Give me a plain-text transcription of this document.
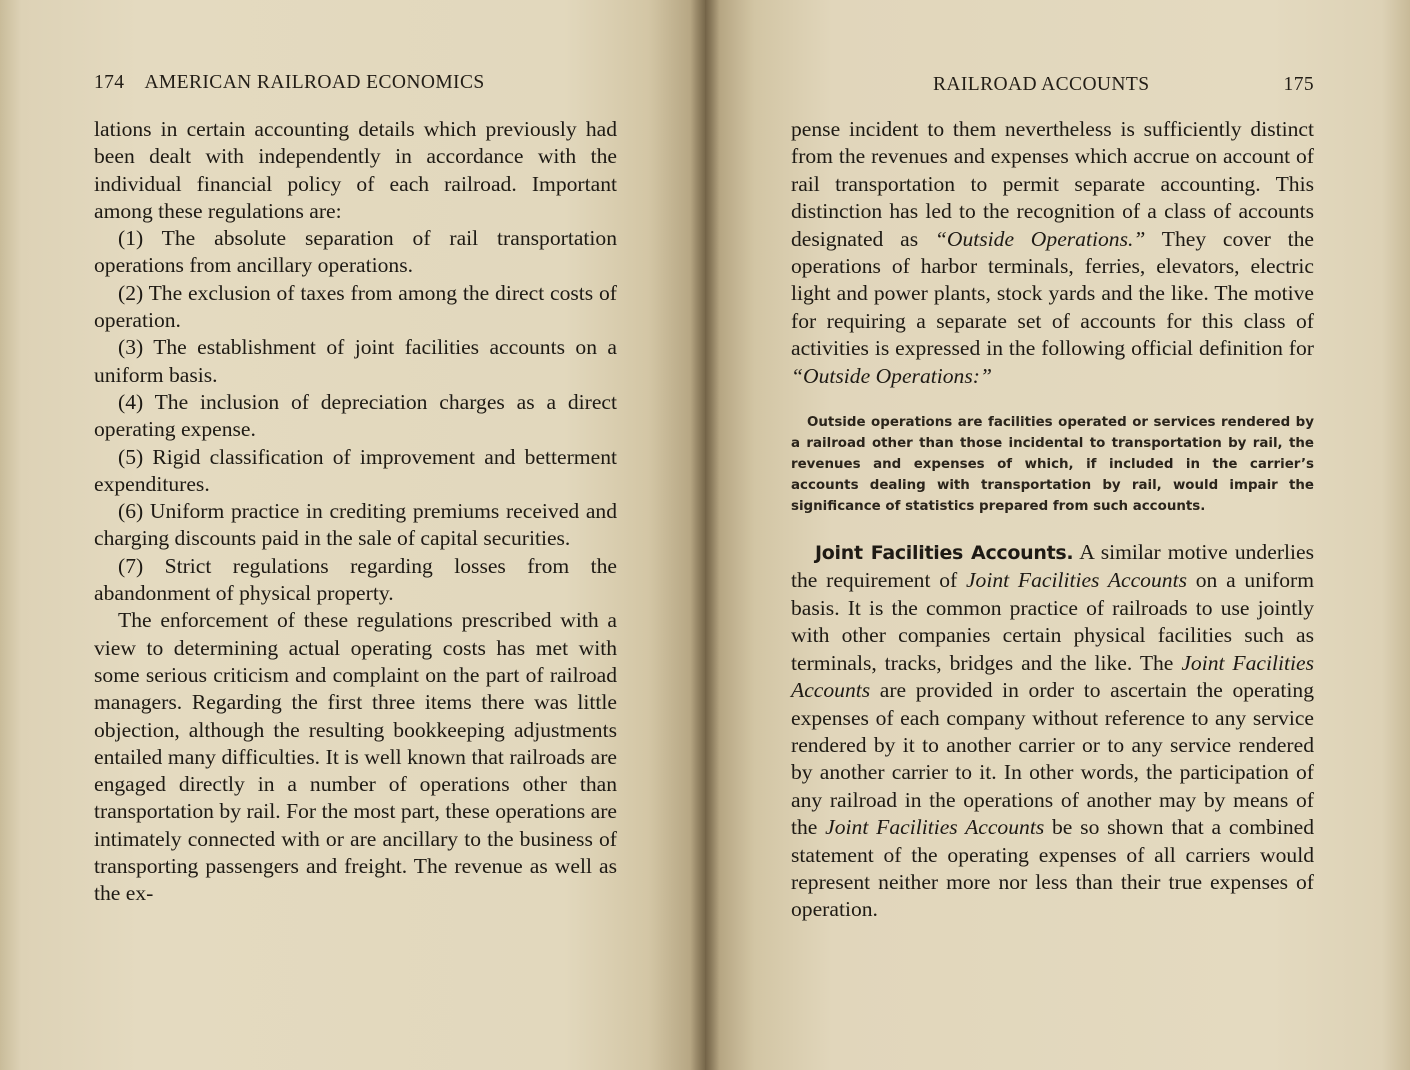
174 AMERICAN RAILROAD ECONOMICS

lations in certain accounting details which previously had been dealt with independently in accordance with the individual financial policy of each railroad. Important among these regulations are:

(1) The absolute separation of rail transportation operations from ancillary operations.

(2) The exclusion of taxes from among the direct costs of operation.

(3) The establishment of joint facilities accounts on a uniform basis.

(4) The inclusion of depreciation charges as a direct operating expense.

(5) Rigid classification of improvement and betterment expenditures.

(6) Uniform practice in crediting premiums received and charging discounts paid in the sale of capital securities.

(7) Strict regulations regarding losses from the abandonment of physical property.

The enforcement of these regulations prescribed with a view to determining actual operating costs has met with some serious criticism and complaint on the part of railroad managers. Regarding the first three items there was little objection, although the resulting bookkeeping adjustments entailed many difficulties. It is well known that railroads are engaged directly in a number of operations other than transportation by rail. For the most part, these operations are intimately connected with or are ancillary to the business of transporting passengers and freight. The revenue as well as the ex-

RAILROAD ACCOUNTS	175

pense incident to them nevertheless is sufficiently distinct from the revenues and expenses which accrue on account of rail transportation to permit separate accounting. This distinction has led to the recognition of a class of accounts designated as “Outside Operations.” They cover the operations of harbor terminals, ferries, elevators, electric light and power plants, stock yards and the like. The motive for requiring a separate set of accounts for this class of activities is expressed in the following official definition for “Outside Operations:”

Outside operations are facilities operated or services rendered by a railroad other than those incidental to transportation by rail, the revenues and expenses of which, if included in the carrier’s accounts dealing with transportation by rail, would impair the significance of statistics prepared from such accounts.

Joint Facilities Accounts. A similar motive underlies the requirement of Joint Facilities Accounts on a uniform basis. It is the common practice of railroads to use jointly with other companies certain physical facilities such as terminals, tracks, bridges and the like. The Joint Facilities Accounts are provided in order to ascertain the operating expenses of each company without reference to any service rendered by it to another carrier or to any service rendered by another carrier to it. In other words, the participation of any railroad in the operations of another may by means of the Joint Facilities Accounts be so shown that a combined statement of the operating expenses of all carriers would represent neither more nor less than their true expenses of operation.
